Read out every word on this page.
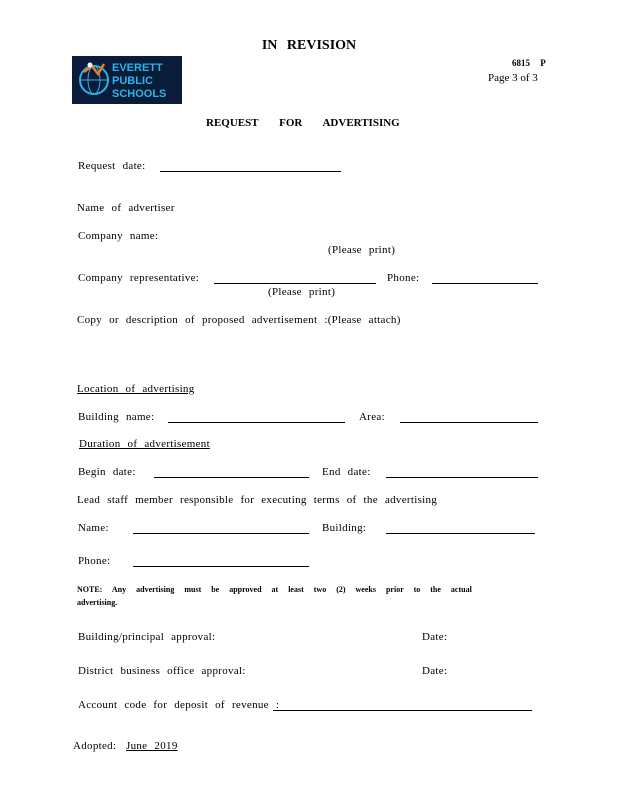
IN REVISION
6815 P
Page 3 of 3
EVERETT
PUBLIC
SCHOOLS
REQUEST FOR ADVERTISING
Request date:
Name of advertiser
Company name:
(Please print)
Company representative:	Phone:
(Please print)
Copy or description of proposed advertisement :(Please attach)
Location of advertising
Building name:	Area:
Duration of advertisement
Begin date:	End date:
Lead staff member responsible for executing terms of the advertising
Name:	Building:
Phone:
NOTE: Any advertising must be approved at least two (2) weeks prior to the actual
advertising.
Building/principal approval:	Date:
District business office approval:	Date:
Account code for deposit of revenue :
Adopted: June 2019
